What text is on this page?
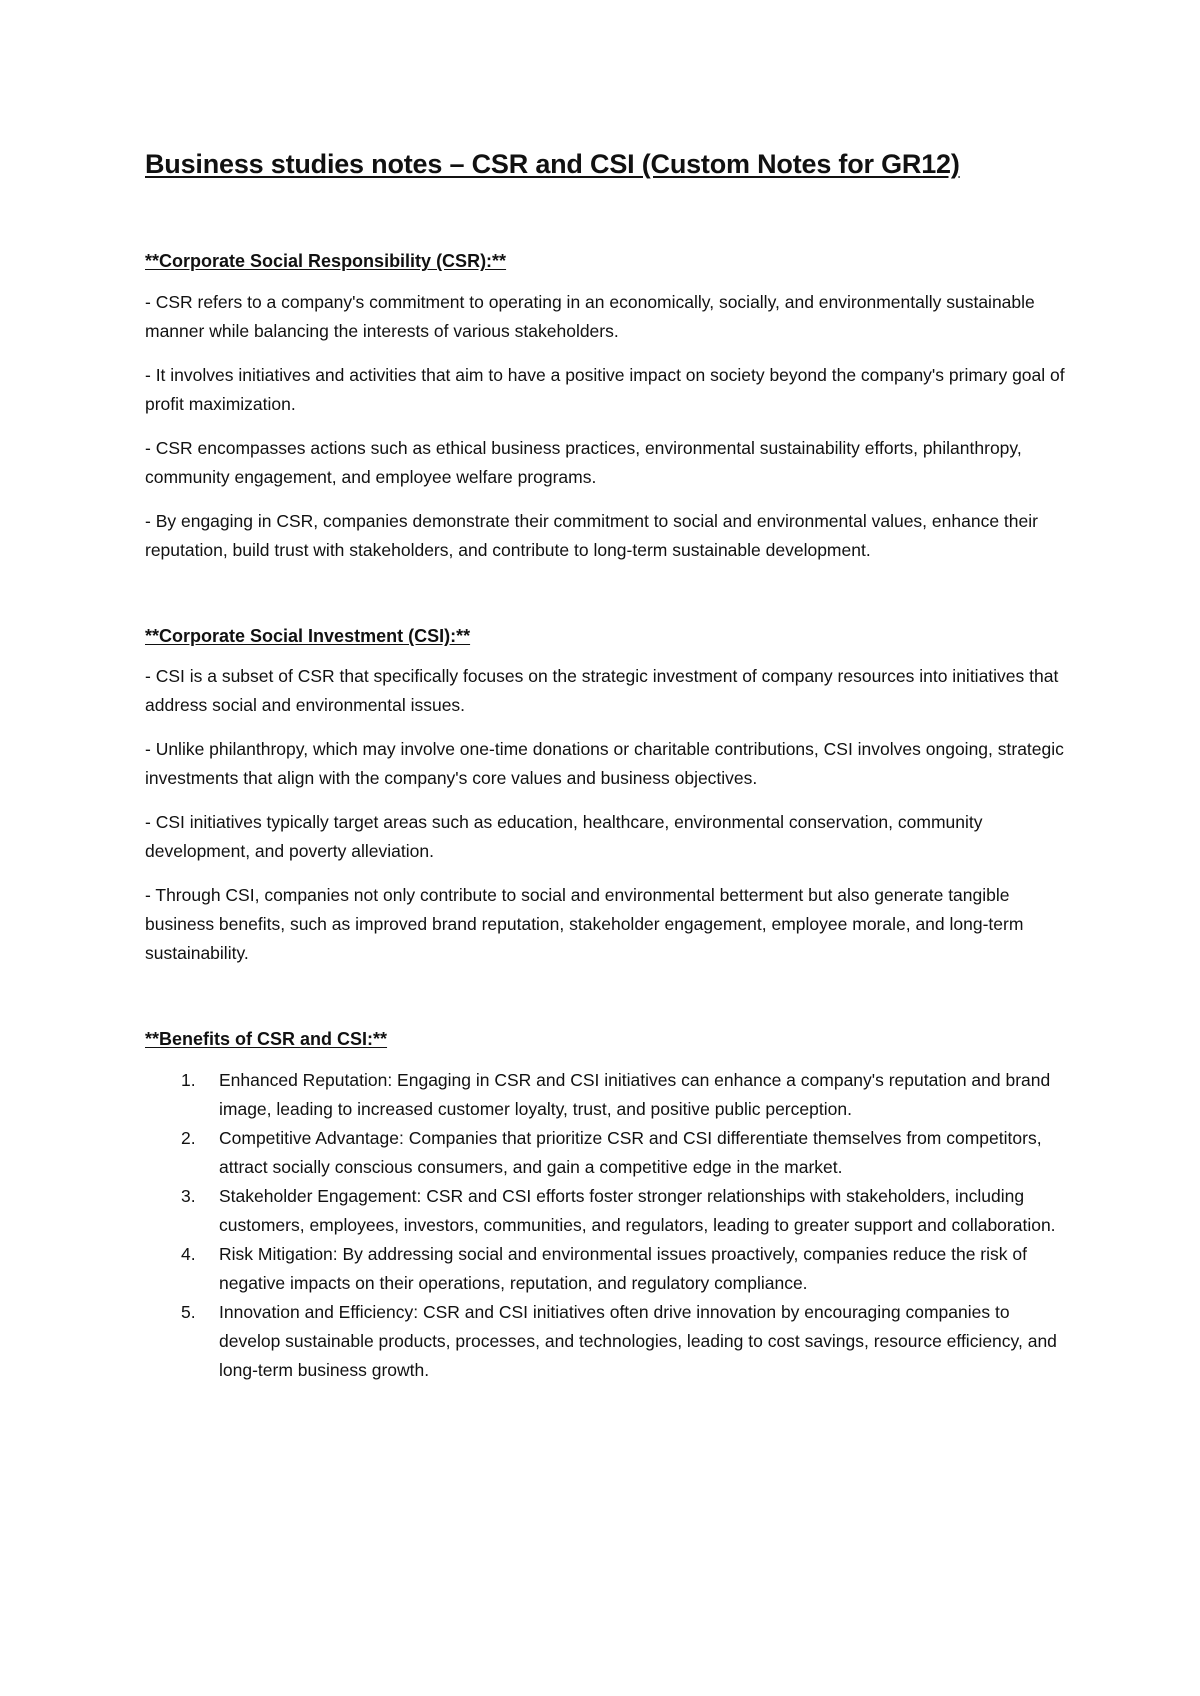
Business studies notes – CSR and CSI (Custom Notes for GR12)
**Corporate Social Responsibility (CSR):**

- CSR refers to a company's commitment to operating in an economically, socially, and environmentally sustainable manner while balancing the interests of various stakeholders.

- It involves initiatives and activities that aim to have a positive impact on society beyond the company's primary goal of profit maximization.

- CSR encompasses actions such as ethical business practices, environmental sustainability efforts, philanthropy, community engagement, and employee welfare programs.

- By engaging in CSR, companies demonstrate their commitment to social and environmental values, enhance their reputation, build trust with stakeholders, and contribute to long-term sustainable development.

**Corporate Social Investment (CSI):**

- CSI is a subset of CSR that specifically focuses on the strategic investment of company resources into initiatives that address social and environmental issues.

- Unlike philanthropy, which may involve one-time donations or charitable contributions, CSI involves ongoing, strategic investments that align with the company's core values and business objectives.

- CSI initiatives typically target areas such as education, healthcare, environmental conservation, community development, and poverty alleviation.

- Through CSI, companies not only contribute to social and environmental betterment but also generate tangible business benefits, such as improved brand reputation, stakeholder engagement, employee morale, and long-term sustainability.

**Benefits of CSR and CSI:**
1. Enhanced Reputation: Engaging in CSR and CSI initiatives can enhance a company's reputation and brand image, leading to increased customer loyalty, trust, and positive public perception.
2. Competitive Advantage: Companies that prioritize CSR and CSI differentiate themselves from competitors, attract socially conscious consumers, and gain a competitive edge in the market.
3. Stakeholder Engagement: CSR and CSI efforts foster stronger relationships with stakeholders, including customers, employees, investors, communities, and regulators, leading to greater support and collaboration.
4. Risk Mitigation: By addressing social and environmental issues proactively, companies reduce the risk of negative impacts on their operations, reputation, and regulatory compliance.
5. Innovation and Efficiency: CSR and CSI initiatives often drive innovation by encouraging companies to develop sustainable products, processes, and technologies, leading to cost savings, resource efficiency, and long-term business growth.
